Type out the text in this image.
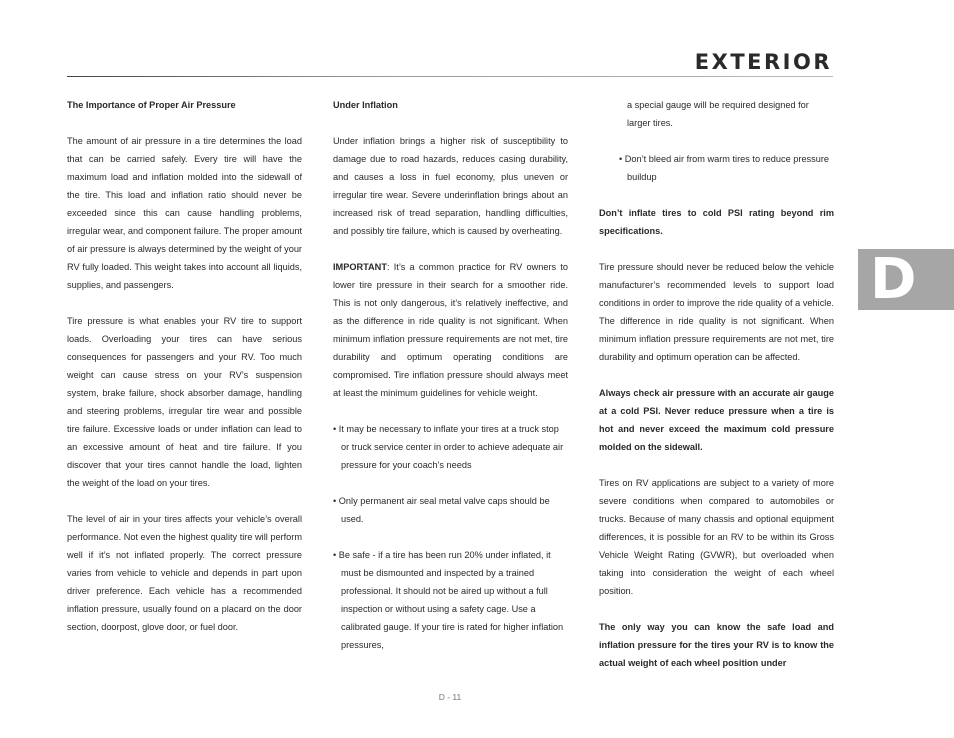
EXTERIOR

The Importance of Proper Air Pressure

The amount of air pressure in a tire determines the load that can be carried safely. Every tire will have the maximum load and inflation molded into the sidewall of the tire. This load and inflation ratio should never be exceeded since this can cause handling problems, irregular wear, and component failure. The proper amount of air pressure is always determined by the weight of your RV fully loaded. This weight takes into account all liquids, supplies, and passengers.

Tire pressure is what enables your RV tire to support loads. Overloading your tires can have serious consequences for passengers and your RV. Too much weight can cause stress on your RV’s suspension system, brake failure, shock absorber damage, handling and steering problems, irregular tire wear and possible tire failure. Excessive loads or under inflation can lead to an excessive amount of heat and tire failure. If you discover that your tires cannot handle the load, lighten the weight of the load on your tires.

The level of air in your tires affects your vehicle’s overall performance. Not even the highest quality tire will perform well if it’s not inflated properly. The correct pressure varies from vehicle to vehicle and depends in part upon driver preference. Each vehicle has a recommended inflation pressure, usually found on a placard on the door section, doorpost, glove door, or fuel door.

Under Inflation

Under inflation brings a higher risk of susceptibility to damage due to road hazards, reduces casing durability, and causes a loss in fuel economy, plus uneven or irregular tire wear. Severe underinflation brings about an increased risk of tread separation, handling difficulties, and possibly tire failure, which is caused by overheating.

IMPORTANT: It’s a common practice for RV owners to lower tire pressure in their search for a smoother ride. This is not only dangerous, it’s relatively ineffective, and as the difference in ride quality is not significant. When minimum inflation pressure requirements are not met, tire durability and optimum operating conditions are compromised. Tire inflation pressure should always meet at least the minimum guidelines for vehicle weight.

• It may be necessary to inflate your tires at a truck stop or truck service center in order to achieve adequate air pressure for your coach’s needs

• Only permanent air seal metal valve caps should be used.

• Be safe - if a tire has been run 20% under inflated, it must be dismounted and inspected by a trained professional. It should not be aired up without a full inspection or without using a safety cage. Use a calibrated gauge. If your tire is rated for higher inflation pressures,

a special gauge will be required designed for larger tires.

• Don’t bleed air from warm tires to reduce pressure buildup

Don’t inflate tires to cold PSI rating beyond rim specifications.

Tire pressure should never be reduced below the vehicle manufacturer’s recommended levels to support load conditions in order to improve the ride quality of a vehicle. The difference in ride quality is not significant. When minimum inflation pressure requirements are not met, tire durability and optimum operation can be affected.

Always check air pressure with an accurate air gauge at a cold PSI. Never reduce pressure when a tire is hot and never exceed the maximum cold pressure molded on the sidewall.

Tires on RV applications are subject to a variety of more severe conditions when compared to automobiles or trucks. Because of many chassis and optional equipment differences, it is possible for an RV to be within its Gross Vehicle Weight Rating (GVWR), but overloaded when taking into consideration the weight of each wheel position.

The only way you can know the safe load and inflation pressure for the tires your RV is to know the actual weight of each wheel position under

D
D - 11
